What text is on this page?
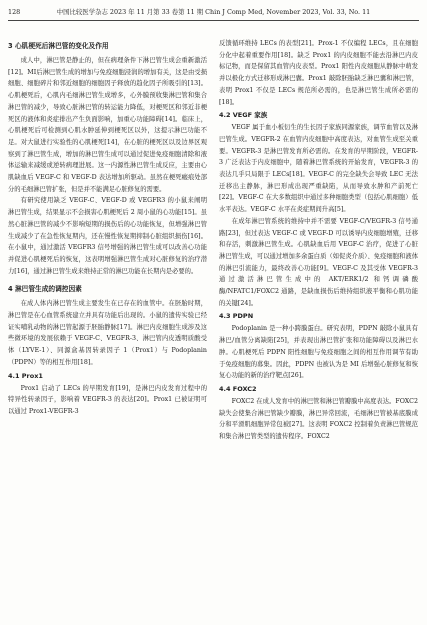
128	中国比较医学杂志 2023 年 11 月第 33 卷第 11 期 Chin J Comp Med, November 2023, Vol. 33, No. 11
3 心肌梗死后淋巴管的变化及作用

成人中，淋巴管是静止的，但在病理条件下淋巴管生成会重新激活[12]。MI后淋巴管生成的增加与免疫细胞浸润的增加有关，这是由受损细胞、细胞碎片和邻近细胞的细胞因子释放的趋化因子所吸引的[13]。心肌梗死后，心肌内毛细淋巴管生成增多，心外膜预收集淋巴管和集合淋巴管的减少，导致心脏淋巴管的转运能力降低，对梗死区和邻近非梗死区的液体和炎症排出产生负面影响，加重心功能障碍[14]。临床上，心肌梗死后可检测到心肌水肿延伸到梗死区以外，这提示淋巴功能不足。对大鼠进行实验性的心肌梗死[14]，在心脏的梗死区以及边界区观察到了淋巴管生成，增加的淋巴管生成可以通过促进免疫细胞清除和液体运输来减缓或逆转病理进展。这一内源性淋巴管生成反应，主要由心肌缺血后 VEGF-C 和 VEGF-D 表达增加所驱动。虽然在梗死瘢痕处部分的毛细淋巴管扩张，但是并不能满足心脏修复的需要。

有研究使用缺乏 VEGF-C、VEGF-D 或 VEGFR3 的小鼠来阐明淋巴管生成，结果显示不会损害心肌梗死后 2 周小鼠的心功能[15]。虽然心脏淋巴管的减少不影响短期的损伤后的心功能恢复，但增强淋巴管生成减少了在急性恢复期内，还在慢性恢复期抑制心脏组织损伤[16]。在小鼠中，通过激活 VEGFR3 信号增强的淋巴管生成可以改善心功能并促进心肌梗死后的恢复，这表明增强淋巴管生成对心脏修复的治疗潜力[16]，通过淋巴管生成来维持正常的淋巴功能在长期内是必要的。

4 淋巴管生成的调控因素

在成人体内淋巴管生成主要发生在已存在的血管中。在胚胎时期，淋巴管是在心血管系统建立并具有功能后出现的。小鼠的遗传实验已经证实哺乳动物的淋巴管起源于胚胎静脉[17]。淋巴内皮细胞生成涉及这些微环境的发展依赖于 VEGF-C、VEGFR-3、淋巴管内皮透明质酸受体（LYVE-1）、同源盒基因转录因子 1（Prox1）与 Podoplanin（PDPN）等的相互作用[18]。

4.1 Prox1

Prox1 启动了 LECs 的早期发育[19]，是淋巴内皮发育过程中的特异性转录因子，影响着 VEGFR-3 的表达[20]。Prox1 已被证明可以通过 Prox1-VEGFR-3

反馈循环维持 LECs 的表型[21]。Prox-1 不仅编程 LECs，且在细胞分化中起着重要作用[18]。缺乏 Prox1 的内皮细胞不能去沿淋巴内皮标记物，而是保留其血管内皮表型。Prox1 阳性内皮细胞从静脉中萌发并以极化方式迁移形成淋巴囊。Prox1 敲除胚胎缺乏淋巴囊和淋巴管，表明 Prox1 不仅是 LECs 规范所必需的，也是淋巴管生成所必需的[18]。

4.2 VEGF 家族

VEGF 属于血小板衍生的生长因子家族同源家族，调节血管以及淋巴管生成。VEGFR-2 在血管内皮细胞中高度表达，对血管生成至关重要。VEGFR-3 是淋巴管发育所必需的。在发育的早期阶段，VEGFR-3 广泛表达于内皮细胞中，随着淋巴管系统的开始发育，VEGFR-3 的表达几乎只局限于 LECs[18]。VEGF-C 的完全缺失会导致 LEC 无法迁移出主静脉，淋巴形成出现严重缺陷，从而导致水肿和产前死亡[22]。VEGF-C 在大多数组织中通过多种细胞类型（包括心肌细胞）低水平表达。VEGF-C 水平在炎症期间升高[5]。

在成年淋巴管系统的维持中并不需要 VEGF-C/VEGFR-3 信号通路[23]，但过表达 VEGF-C 或 VEGF-D 可以诱导内皮细胞增殖，迁移和存活，刺激淋巴管生成。心肌缺血后用 VEGF-C 治疗，促进了心脏淋巴管生成，可以通过增加多余蛋白质（如促炎介质）、免疫细胞和液体的淋巴引流能力，最终改善心功能[9]。VEGF-C 及其受体 VEGFR-3 通过激活淋巴管生成中的 AKT/ERK1/2 和钙调磷酸酶/NFATC1/FOXC2 通路，是缺血损伤后维持组织液平衡和心肌功能的关键[24]。

4.3 PDPN

Podoplanin 是一种小跨膜蛋白。研究表明，PDPN 敲除小鼠具有淋巴/血管分离缺陷[25]，并表现出淋巴管扩张和功能障碍以及淋巴水肿。心肌梗死后 PDPN 阳性细胞与免疫细胞之间的相互作用调节有助于免疫细胞的募集。因此，PDPN 也被认为是 MI 后增强心脏修复和恢复心功能的新的治疗靶点[26]。

4.4 FOXC2

FOXC2 在成人发育中的淋巴管和淋巴管瓣膜中高度表达。FOXC2 缺失会使集合淋巴管缺少瓣膜，淋巴异常回流，毛细淋巴管被基底膜成分和平滑肌细胞异常包被[27]。这表明 FOXC2 控制着负责淋巴管规范和集合淋巴管类型的遗传程序。FOXC2
